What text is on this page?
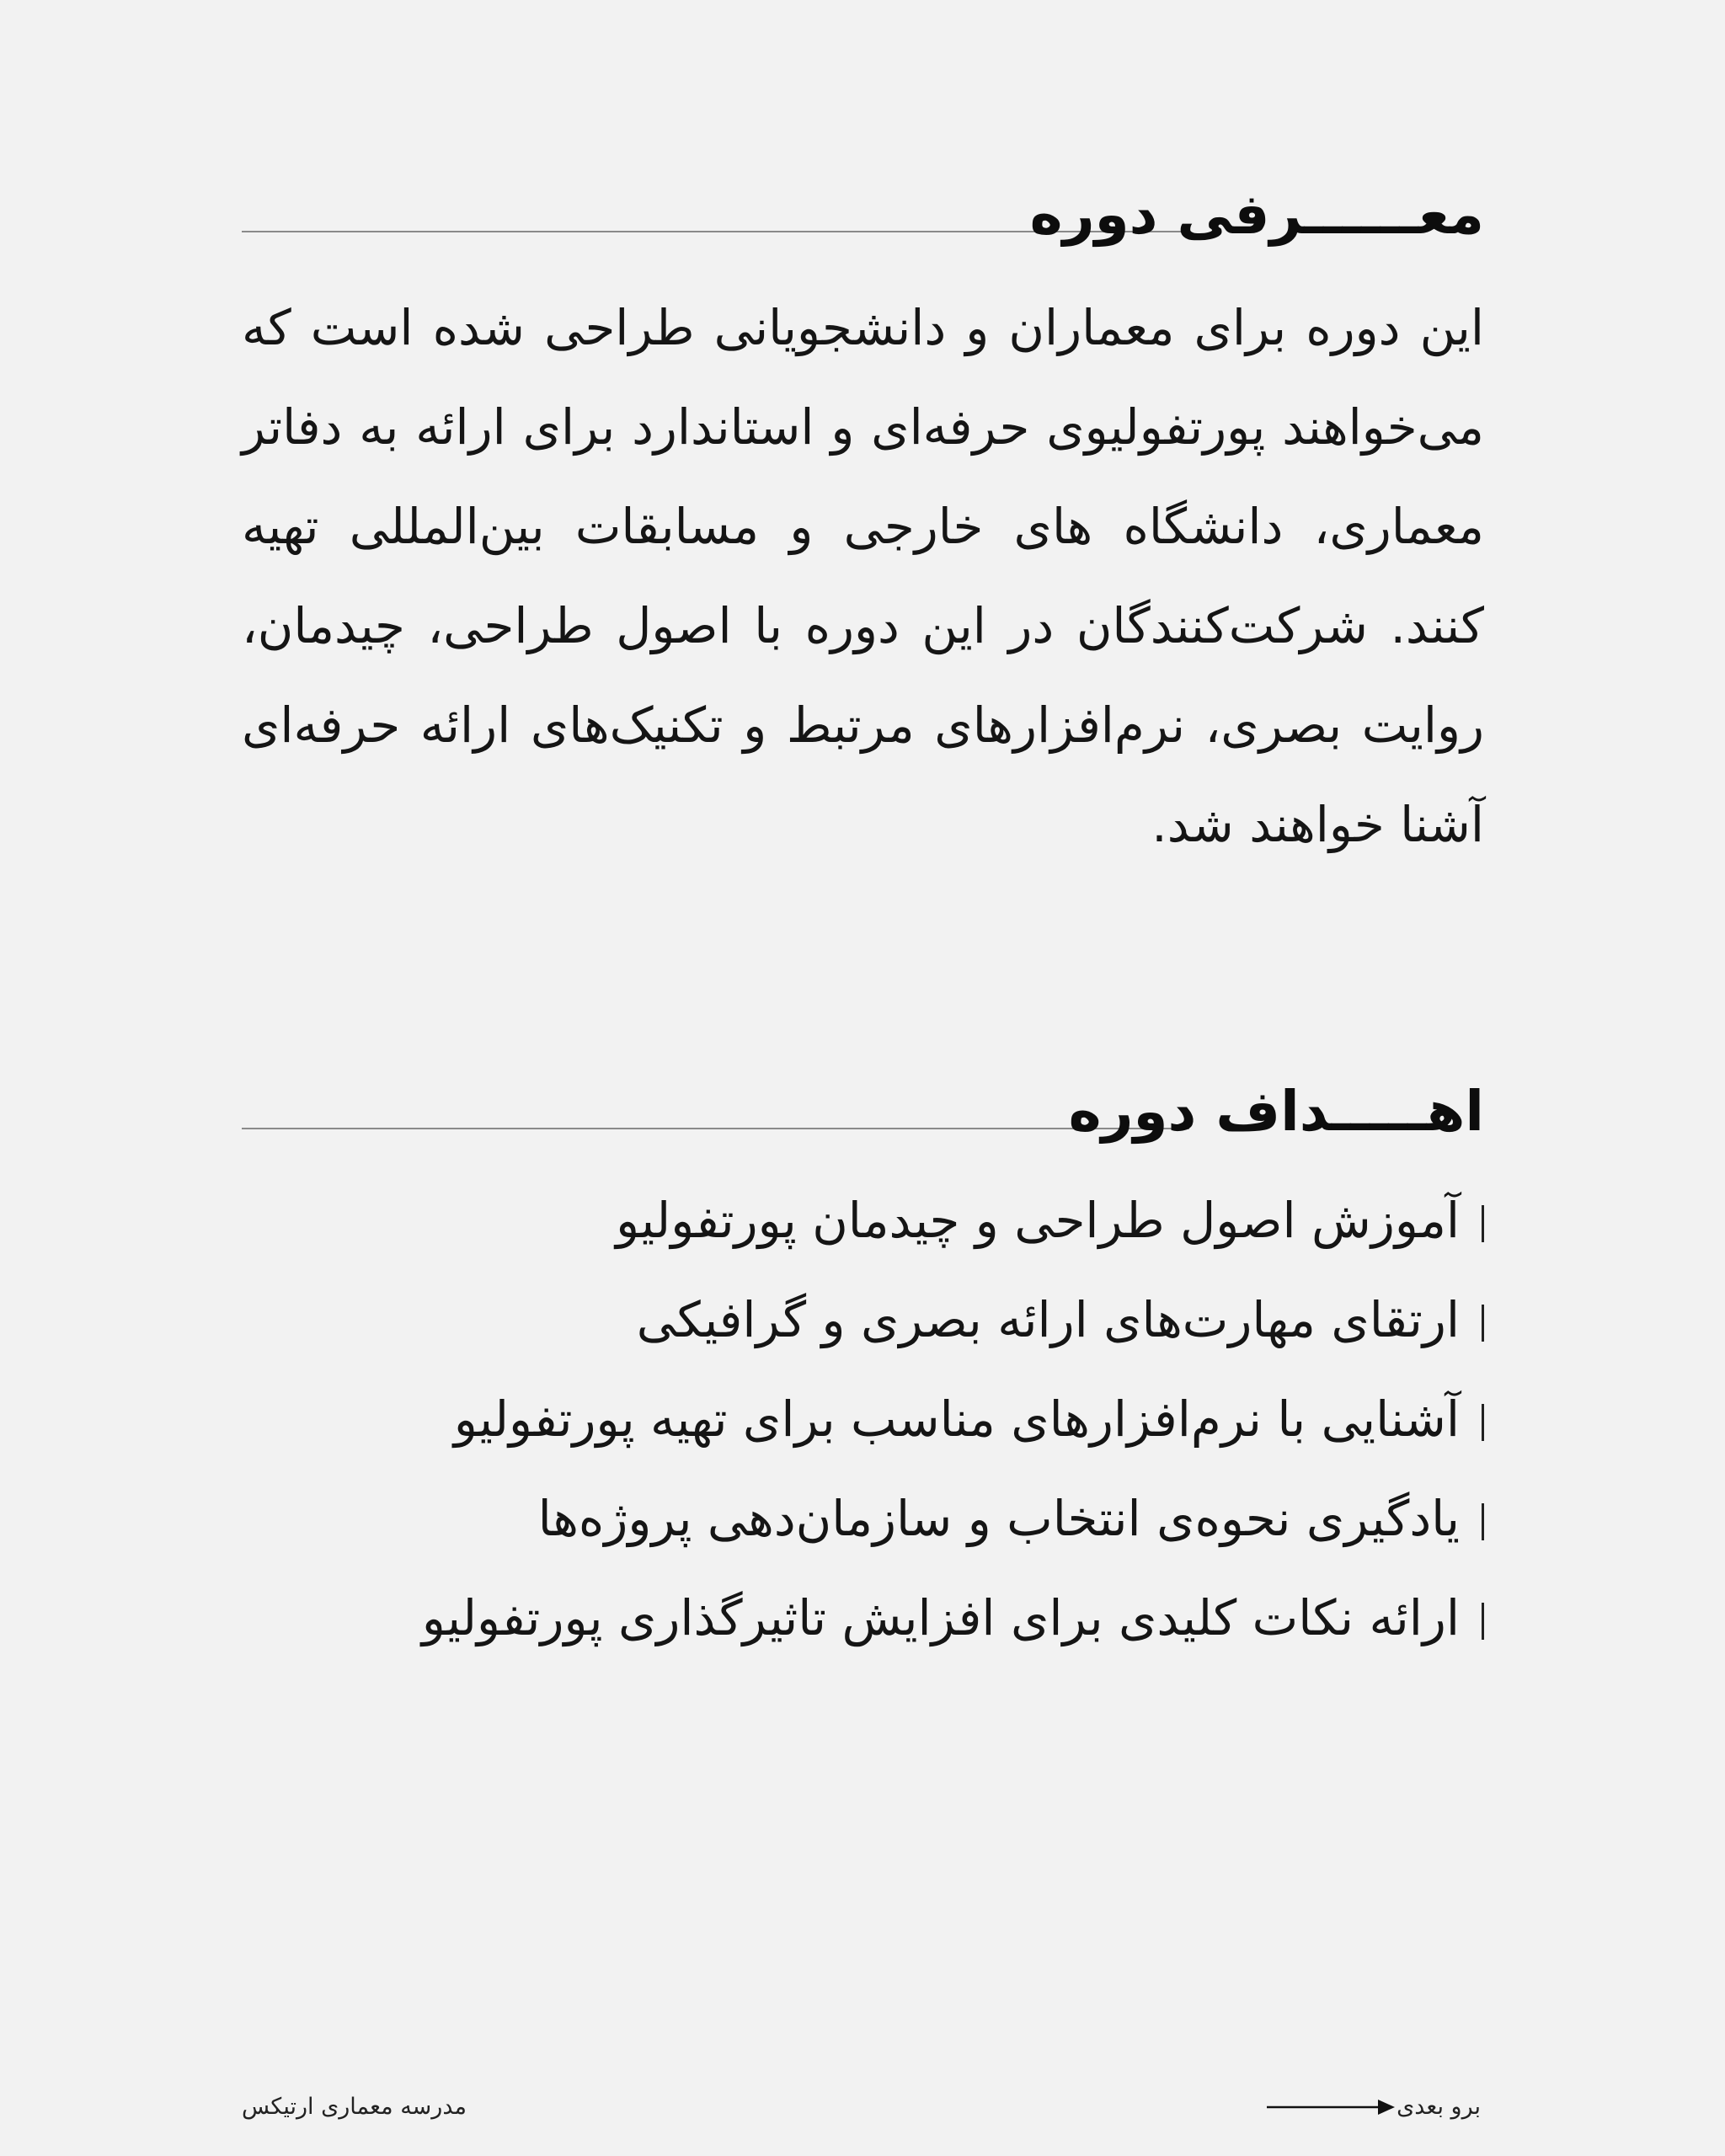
معــــــرفی دوره

این دوره برای معماران و دانشجویانی طراحی شده است که می‌خواهند پورتفولیوی حرفه‌ای و استاندارد برای ارائه به دفاتر معماری، دانشگاه های خارجی و مسابقات بین‌المللی تهیه کنند. شرکت‌کنندگان در این دوره با اصول طراحی، چیدمان، روایت بصری، نرم‌افزارهای مرتبط و تکنیک‌های ارائه حرفه‌ای آشنا خواهند شد.

اهـــــداف دوره
آموزش اصول طراحی و چیدمان پورتفولیو
ارتقای مهارت‌های ارائه بصری و گرافیکی
آشنایی با نرم‌افزارهای مناسب برای تهیه پورتفولیو
یادگیری نحوه‌ی انتخاب و سازمان‌دهی پروژه‌ها
ارائه نکات کلیدی برای افزایش تاثیرگذاری پورتفولیو
مدرسه معماری ارتیکس	برو بعدی
